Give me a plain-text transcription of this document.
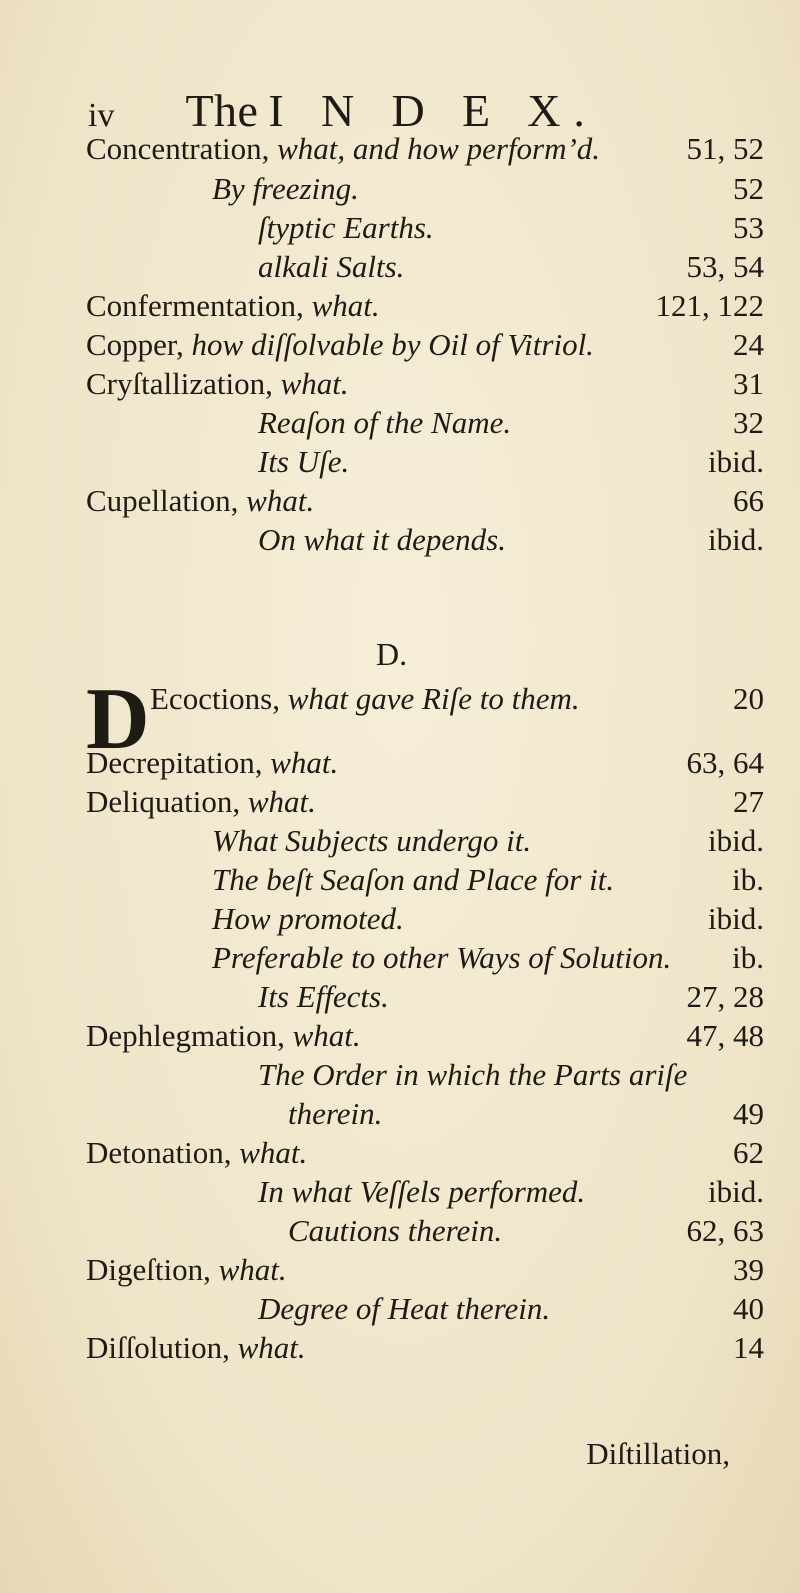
iv The I N D E X.
Concentration, what, and how perform’d.	51, 52
By freezing.	52
ſtyptic Earths.	53
alkali Salts.	53, 54
Confermentation, what.	121, 122
Copper, how diſſolvable by Oil of Vitriol.	24
Cryſtallization, what.	31
Reaſon of the Name.	32
Its Uſe.	ibid.
Cupellation, what.	66
On what it depends.	ibid.
D.
D Ecoctions, what gave Riſe to them.	20
Decrepitation, what.	63, 64
Deliquation, what.	27
What Subjects undergo it.	ibid.
The beſt Seaſon and Place for it.	ib.
How promoted.	ibid.
Preferable to other Ways of Solution. ib.
Its Effects.	27, 28
Dephlegmation, what.	47, 48
The Order in which the Parts ariſe
therein.	49
Detonation, what.	62
In what Veſſels performed.	ibid.
Cautions therein.	62, 63
Digeſtion, what.	39
Degree of Heat therein.	40
Diſſolution, what.	14
Diſtillation,
